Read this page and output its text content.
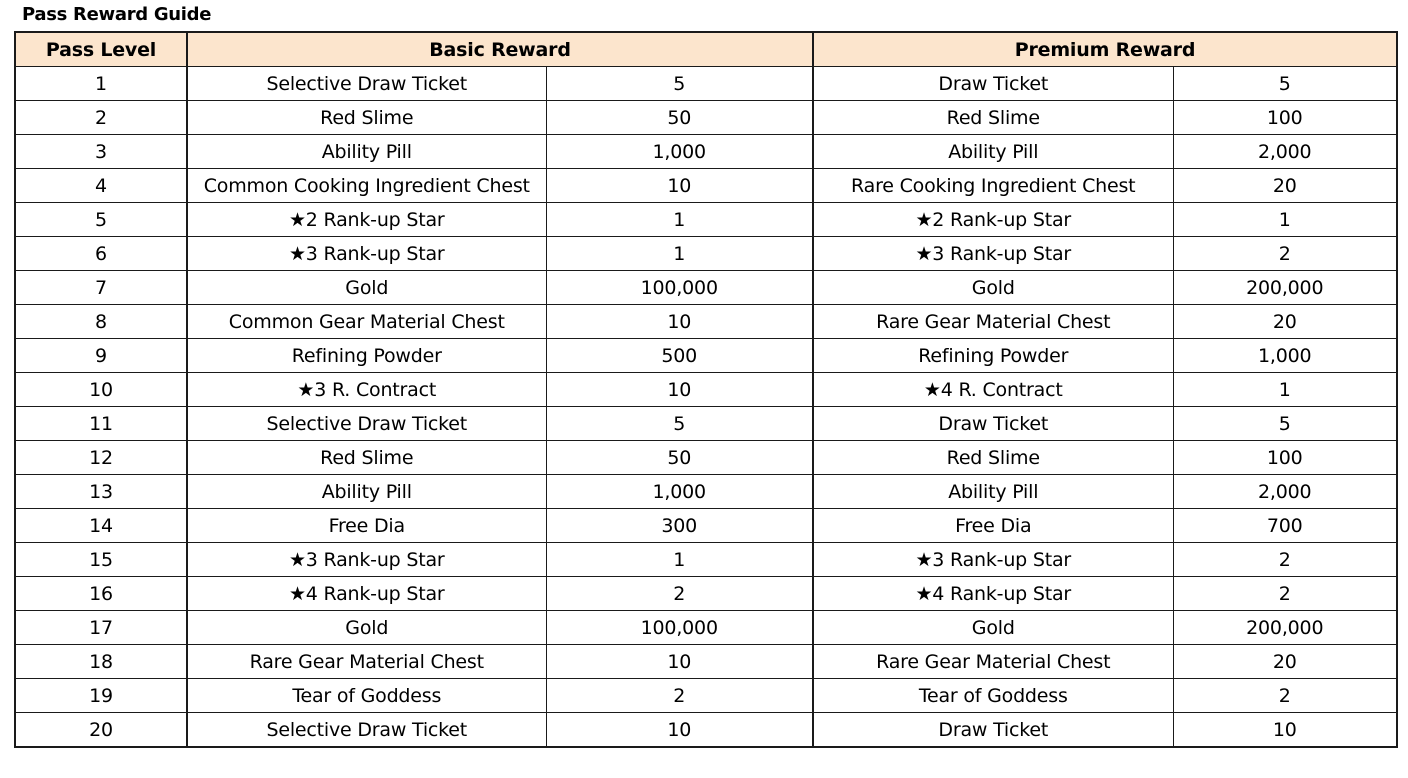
Pass Reward Guide
Pass Level	Basic Reward		Premium Reward	
1	Selective Draw Ticket	5	Draw Ticket	5
2	Red Slime	50	Red Slime	100
3	Ability Pill	1,000	Ability Pill	2,000
4	Common Cooking Ingredient Chest	10	Rare Cooking Ingredient Chest	20
5	★2 Rank-up Star	1	★2 Rank-up Star	1
6	★3 Rank-up Star	1	★3 Rank-up Star	2
7	Gold	100,000	Gold	200,000
8	Common Gear Material Chest	10	Rare Gear Material Chest	20
9	Refining Powder	500	Refining Powder	1,000
10	★3 R. Contract	10	★4 R. Contract	1
11	Selective Draw Ticket	5	Draw Ticket	5
12	Red Slime	50	Red Slime	100
13	Ability Pill	1,000	Ability Pill	2,000
14	Free Dia	300	Free Dia	700
15	★3 Rank-up Star	1	★3 Rank-up Star	2
16	★4 Rank-up Star	2	★4 Rank-up Star	2
17	Gold	100,000	Gold	200,000
18	Rare Gear Material Chest	10	Rare Gear Material Chest	20
19	Tear of Goddess	2	Tear of Goddess	2
20	Selective Draw Ticket	10	Draw Ticket	10
